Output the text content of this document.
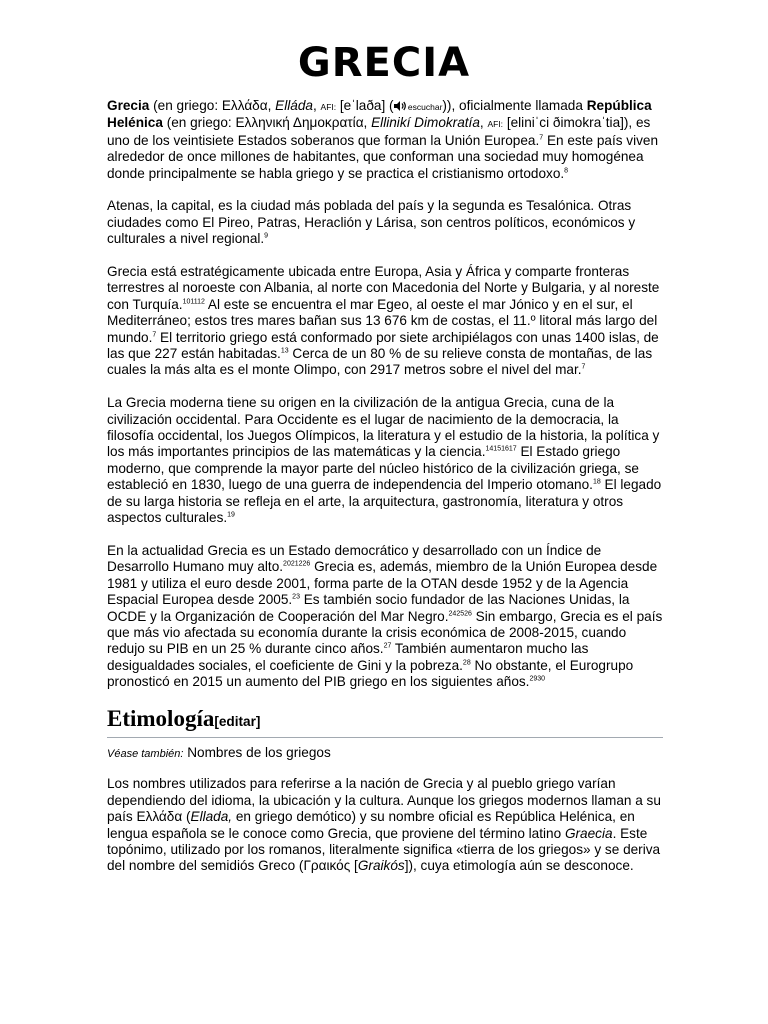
GRECIA

Grecia (en griego: Ελλάδα, Elláda, AFI: [eˈlaða] ( escuchar)), oficialmente llamada República Helénica (en griego: Ελληνική Δημοκρατία, Ellinikí Dimokratía, AFI: [eliniˈci ðimokraˈtia]), es uno de los veintisiete Estados soberanos que forman la Unión Europea.$^7$ En este país viven alrededor de once millones de habitantes, que conforman una sociedad muy homogénea donde principalmente se habla griego y se practica el cristianismo ortodoxo.$^8$

Atenas, la capital, es la ciudad más poblada del país y la segunda es Tesalónica. Otras ciudades como El Pireo, Patras, Heraclión y Lárisa, son centros políticos, económicos y culturales a nivel regional.$^9$

Grecia está estratégicamente ubicada entre Europa, Asia y África y comparte fronteras terrestres al noroeste con Albania, al norte con Macedonia del Norte y Bulgaria, y al noreste con Turquía.$^{101112}$ Al este se encuentra el mar Egeo, al oeste el mar Jónico y en el sur, el Mediterráneo; estos tres mares bañan sus 13 676 km de costas, el 11.º litoral más largo del mundo.$^7$ El territorio griego está conformado por siete archipiélagos con unas 1400 islas, de las que 227 están habitadas.$^{13}$ Cerca de un 80 % de su relieve consta de montañas, de las cuales la más alta es el monte Olimpo, con 2917 metros sobre el nivel del mar.$^7$

La Grecia moderna tiene su origen en la civilización de la antigua Grecia, cuna de la civilización occidental. Para Occidente es el lugar de nacimiento de la democracia, la filosofía occidental, los Juegos Olímpicos, la literatura y el estudio de la historia, la política y los más importantes principios de las matemáticas y la ciencia.$^{14151617}$ El Estado griego moderno, que comprende la mayor parte del núcleo histórico de la civilización griega, se estableció en 1830, luego de una guerra de independencia del Imperio otomano.$^{18}$ El legado de su larga historia se refleja en el arte, la arquitectura, gastronomía, literatura y otros aspectos culturales.$^{19}$

En la actualidad Grecia es un Estado democrático y desarrollado con un Índice de Desarrollo Humano muy alto.$^{2021226}$ Grecia es, además, miembro de la Unión Europea desde 1981 y utiliza el euro desde 2001, forma parte de la OTAN desde 1952 y de la Agencia Espacial Europea desde 2005.23 Es también socio fundador de las Naciones Unidas, la OCDE y la Organización de Cooperación del Mar Negro.$^{242526}$ Sin embargo, Grecia es el país que más vio afectada su economía durante la crisis económica de 2008-2015, cuando redujo su PIB en un 25 % durante cinco años.$^{27}$ También aumentaron mucho las desigualdades sociales, el coeficiente de Gini y la pobreza.$^{28}$ No obstante, el Eurogrupo pronosticó en 2015 un aumento del PIB griego en los siguientes años.$^{2930}$

Etimología[editar]
Véase también: Nombres de los griegos

Los nombres utilizados para referirse a la nación de Grecia y al pueblo griego varían dependiendo del idioma, la ubicación y la cultura. Aunque los griegos modernos llaman a su país Ελλάδα (Ellada, en griego demótico) y su nombre oficial es República Helénica, en lengua española se le conoce como Grecia, que proviene del término latino Graecia. Este topónimo, utilizado por los romanos, literalmente significa «tierra de los griegos» y se deriva del nombre del semidiós Greco (Γραικός [Graikós]), cuya etimología aún se desconoce.
